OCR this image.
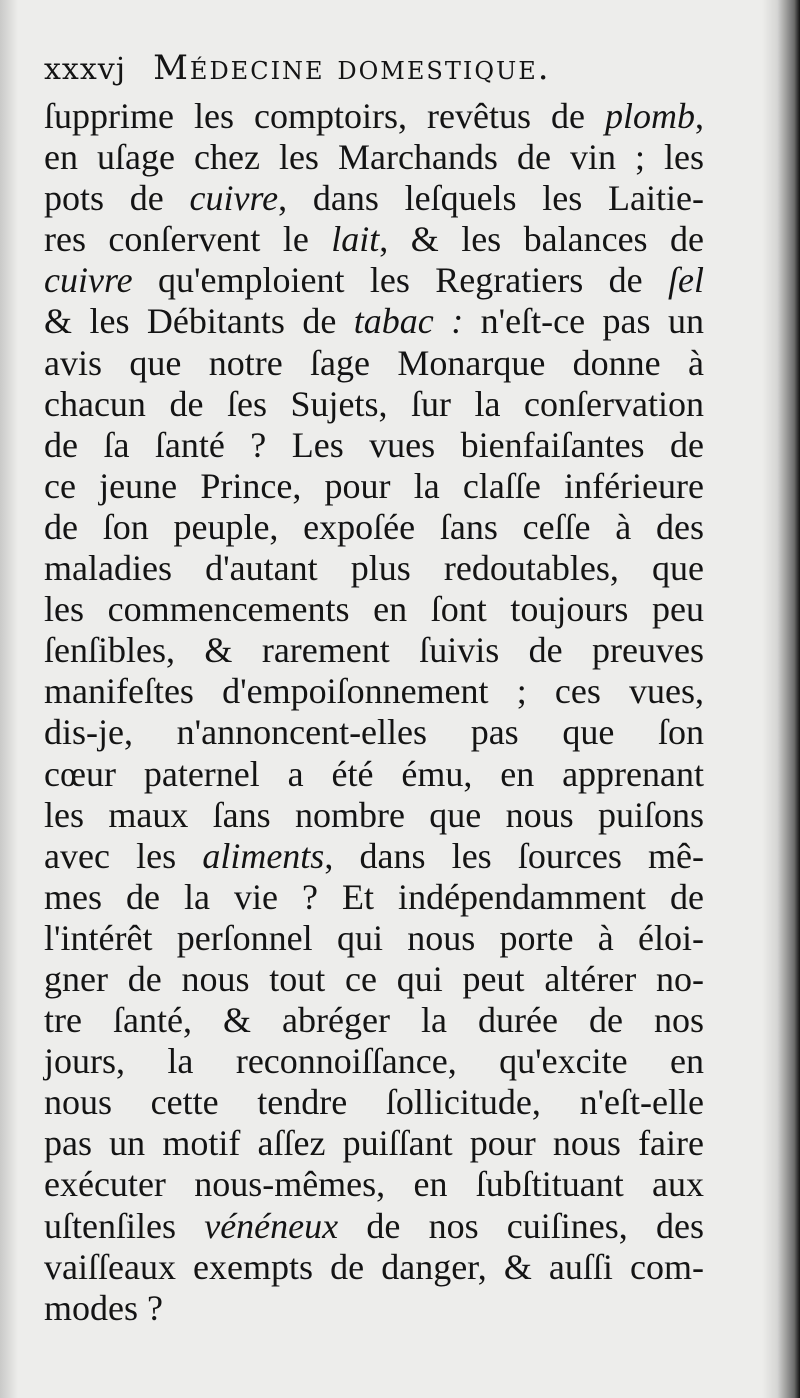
xxxvj Médecine domestique.
ſupprime les comptoirs, revêtus de plomb,
en uſage chez les Marchands de vin ; les
pots de cuivre, dans leſquels les Laitie-
res conſervent le lait, & les balances de
cuivre qu'emploient les Regratiers de ſel
& les Débitants de tabac : n'eſt-ce pas un
avis que notre ſage Monarque donne à
chacun de ſes Sujets, ſur la conſervation
de ſa ſanté ? Les vues bienfaiſantes de
ce jeune Prince, pour la claſſe inférieure
de ſon peuple, expoſée ſans ceſſe à des
maladies d'autant plus redoutables, que
les commencements en ſont toujours peu
ſenſibles, & rarement ſuivis de preuves
manifeſtes d'empoiſonnement ; ces vues,
dis-je, n'annoncent-elles pas que ſon
cœur paternel a été ému, en apprenant
les maux ſans nombre que nous puiſons
avec les aliments, dans les ſources mê-
mes de la vie ? Et indépendamment de
l'intérêt perſonnel qui nous porte à éloi-
gner de nous tout ce qui peut altérer no-
tre ſanté, & abréger la durée de nos
jours, la reconnoiſſance, qu'excite en
nous cette tendre ſollicitude, n'eſt-elle
pas un motif aſſez puiſſant pour nous faire
exécuter nous-mêmes, en ſubſtituant aux
uſtenſiles vénéneux de nos cuiſines, des
vaiſſeaux exempts de danger, & auſſi com-
modes ?
